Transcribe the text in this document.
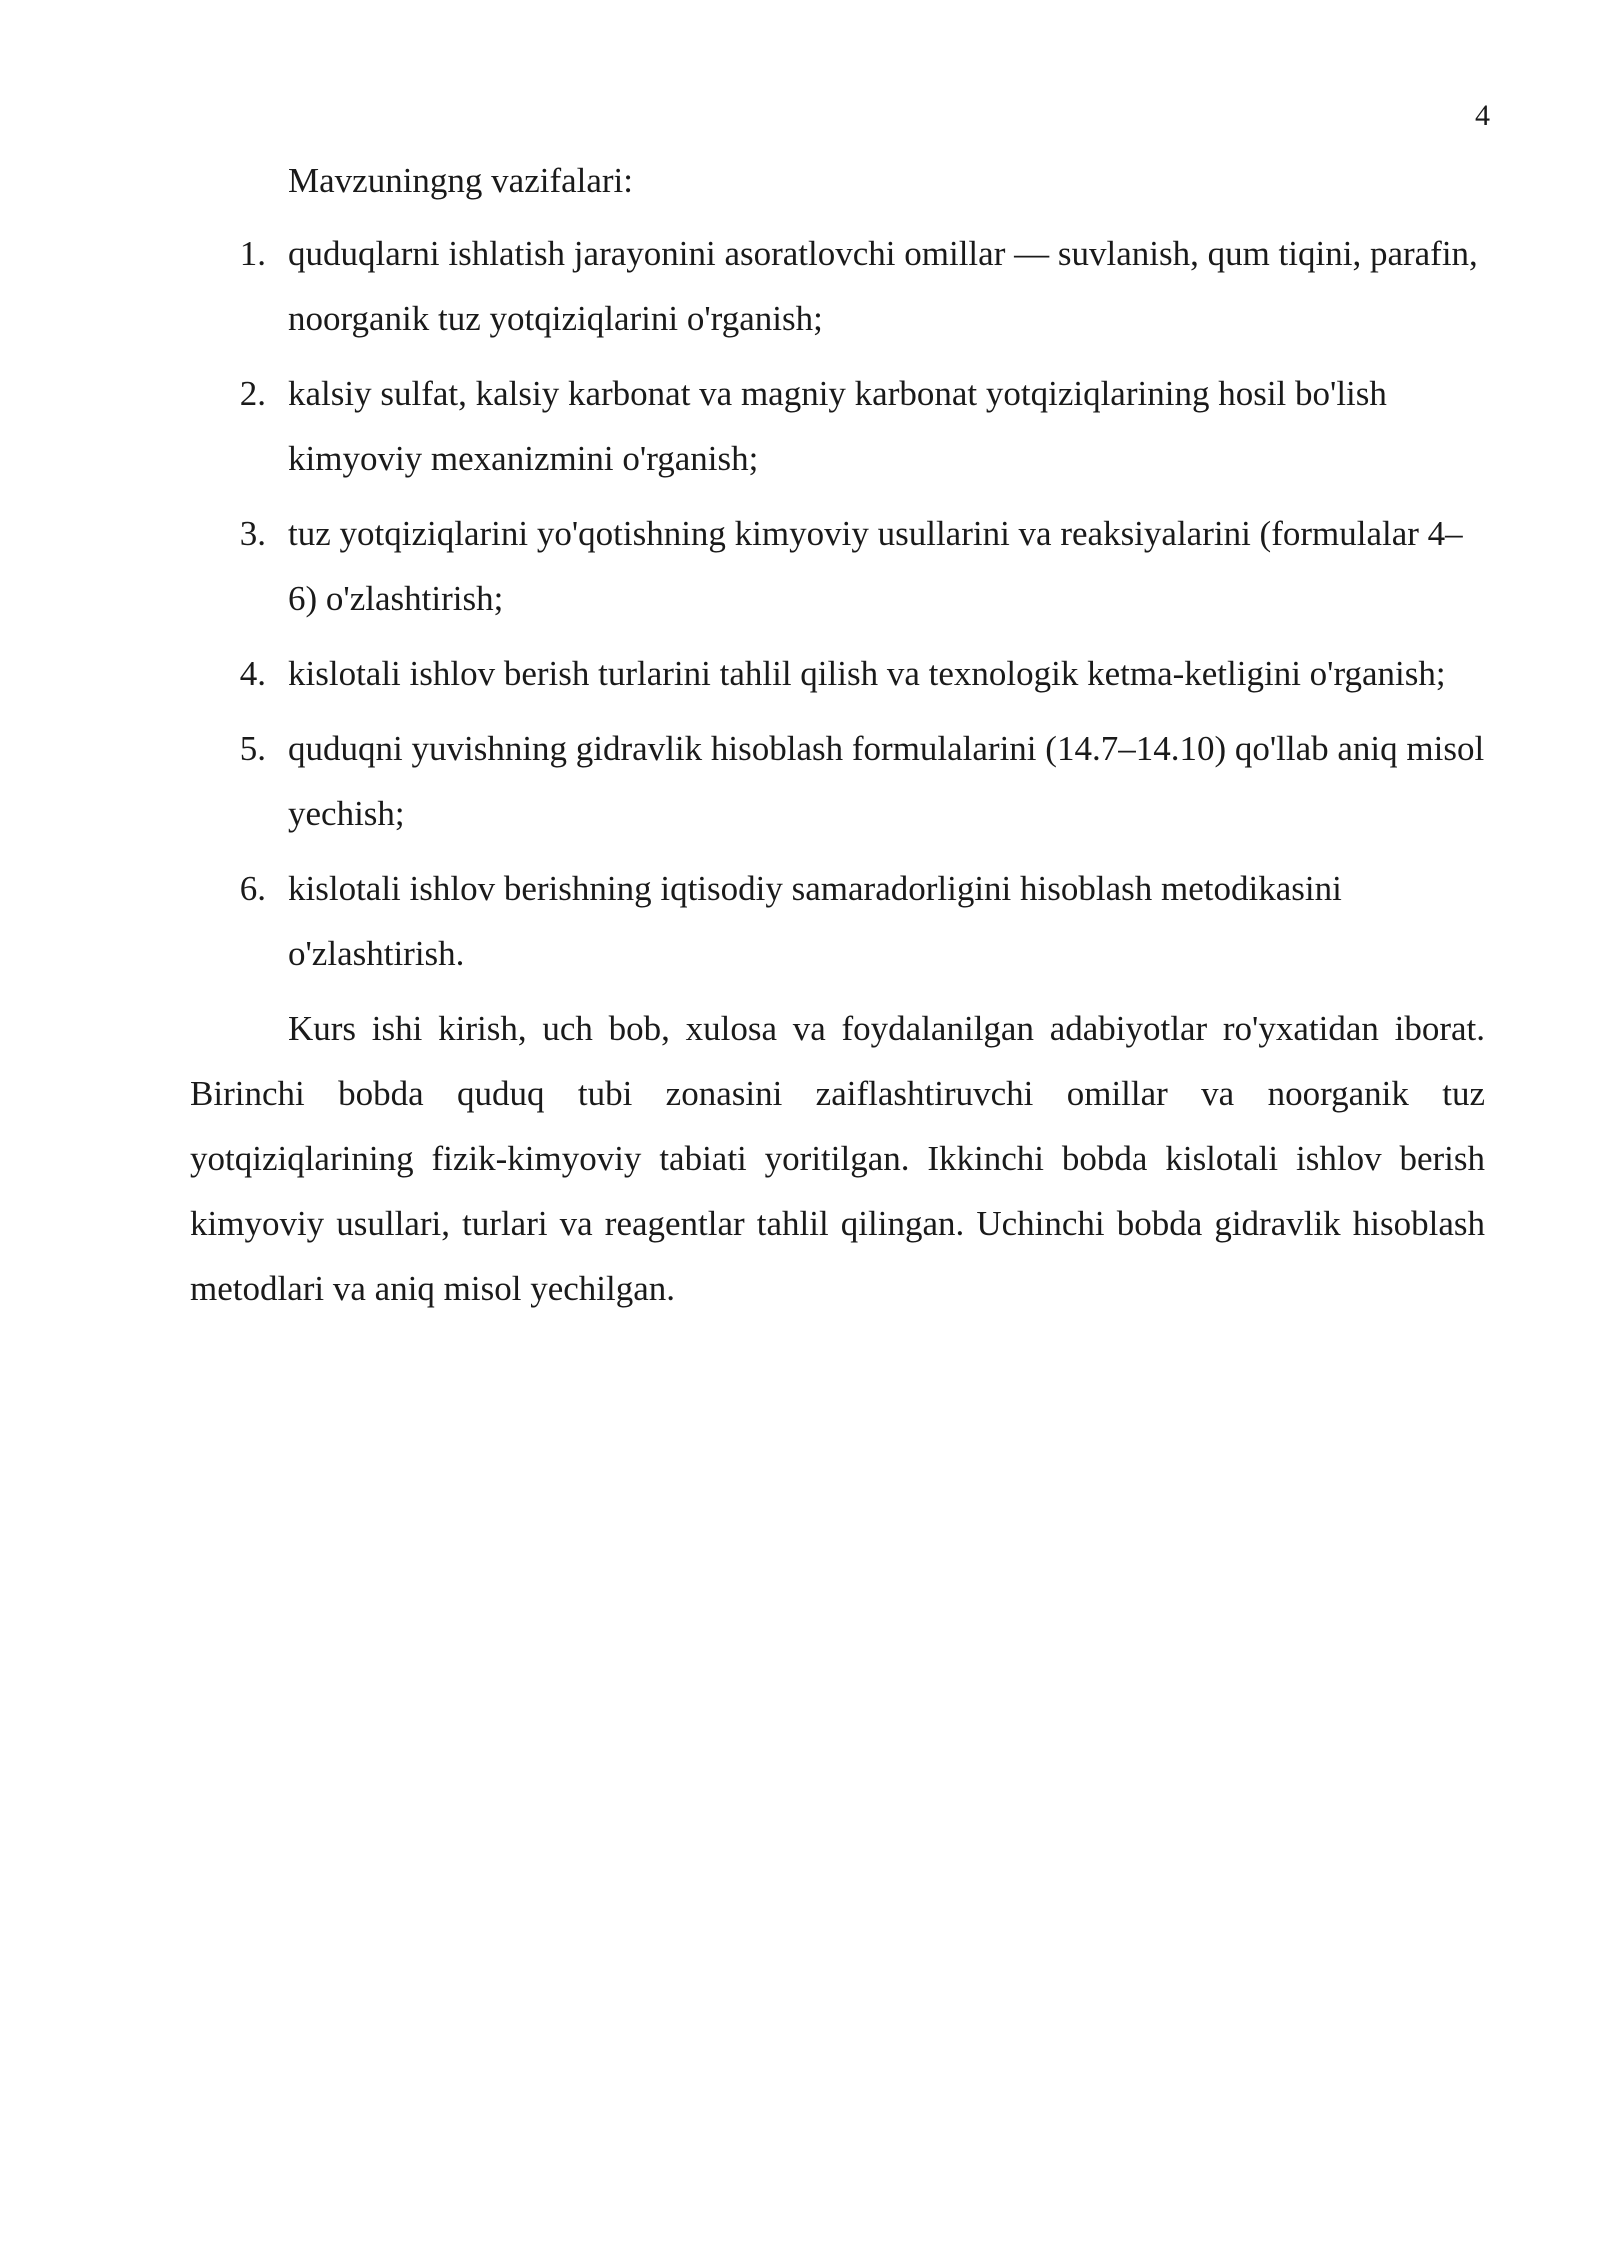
4

Mavzuningng vazifalari:

1. quduqlarni ishlatish jarayonini asoratlovchi omillar — suvlanish, qum tiqini, parafin, noorganik tuz yotqiziqlarini o'rganish;
2. kalsiy sulfat, kalsiy karbonat va magniy karbonat yotqiziqlarining hosil bo'lish kimyoviy mexanizmini o'rganish;
3. tuz yotqiziqlarini yo'qotishning kimyoviy usullarini va reaksiyalarini (formulalar 4–6) o'zlashtirish;
4. kislotali ishlov berish turlarini tahlil qilish va texnologik ketma-ketligini o'rganish;
5. quduqni yuvishning gidravlik hisoblash formulalarini (14.7–14.10) qo'llab aniq misol yechish;
6. kislotali ishlov berishning iqtisodiy samaradorligini hisoblash metodikasini o'zlashtirish.

Kurs ishi kirish, uch bob, xulosa va foydalanilgan adabiyotlar ro'yxatidan iborat. Birinchi bobda quduq tubi zonasini zaiflashtiruvchi omillar va noorganik tuz yotqiziqlarining fizik-kimyoviy tabiati yoritilgan. Ikkinchi bobda kislotali ishlov berish kimyoviy usullari, turlari va reagentlar tahlil qilingan. Uchinchi bobda gidravlik hisoblash metodlari va aniq misol yechilgan.
